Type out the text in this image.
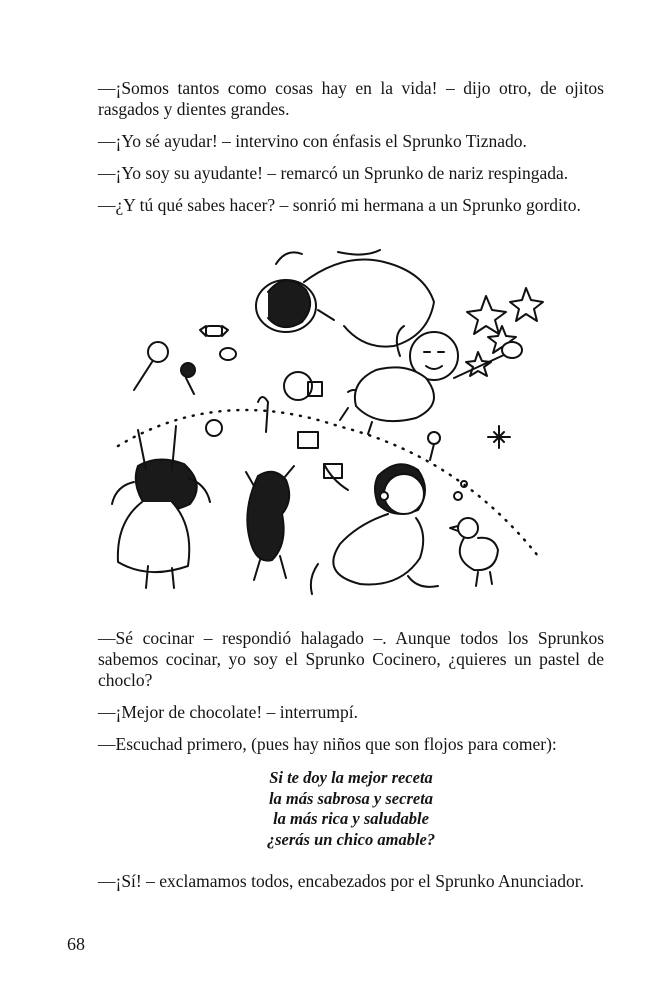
—¡Somos tantos como cosas hay en la vida! – dijo otro, de ojitos rasgados y dientes grandes.

—¡Yo sé ayudar! – intervino con énfasis el Sprunko Tiznado.

—¡Yo soy su ayudante! – remarcó un Sprunko de nariz respingada.

—¿Y tú qué sabes hacer? – sonrió mi hermana a un Sprunko gordito.

—Sé cocinar – respondió halagado –. Aunque todos los Sprunkos sabemos cocinar, yo soy el Sprunko Cocinero, ¿quieres un pastel de choclo?

—¡Mejor de chocolate! – interrumpí.

—Escuchad primero, (pues hay niños que son flojos para comer):

Si te doy la mejor receta
la más sabrosa y secreta
la más rica y saludable
¿serás un chico amable?

—¡Sí! – exclamamos todos, encabezados por el Sprunko Anunciador.

68
